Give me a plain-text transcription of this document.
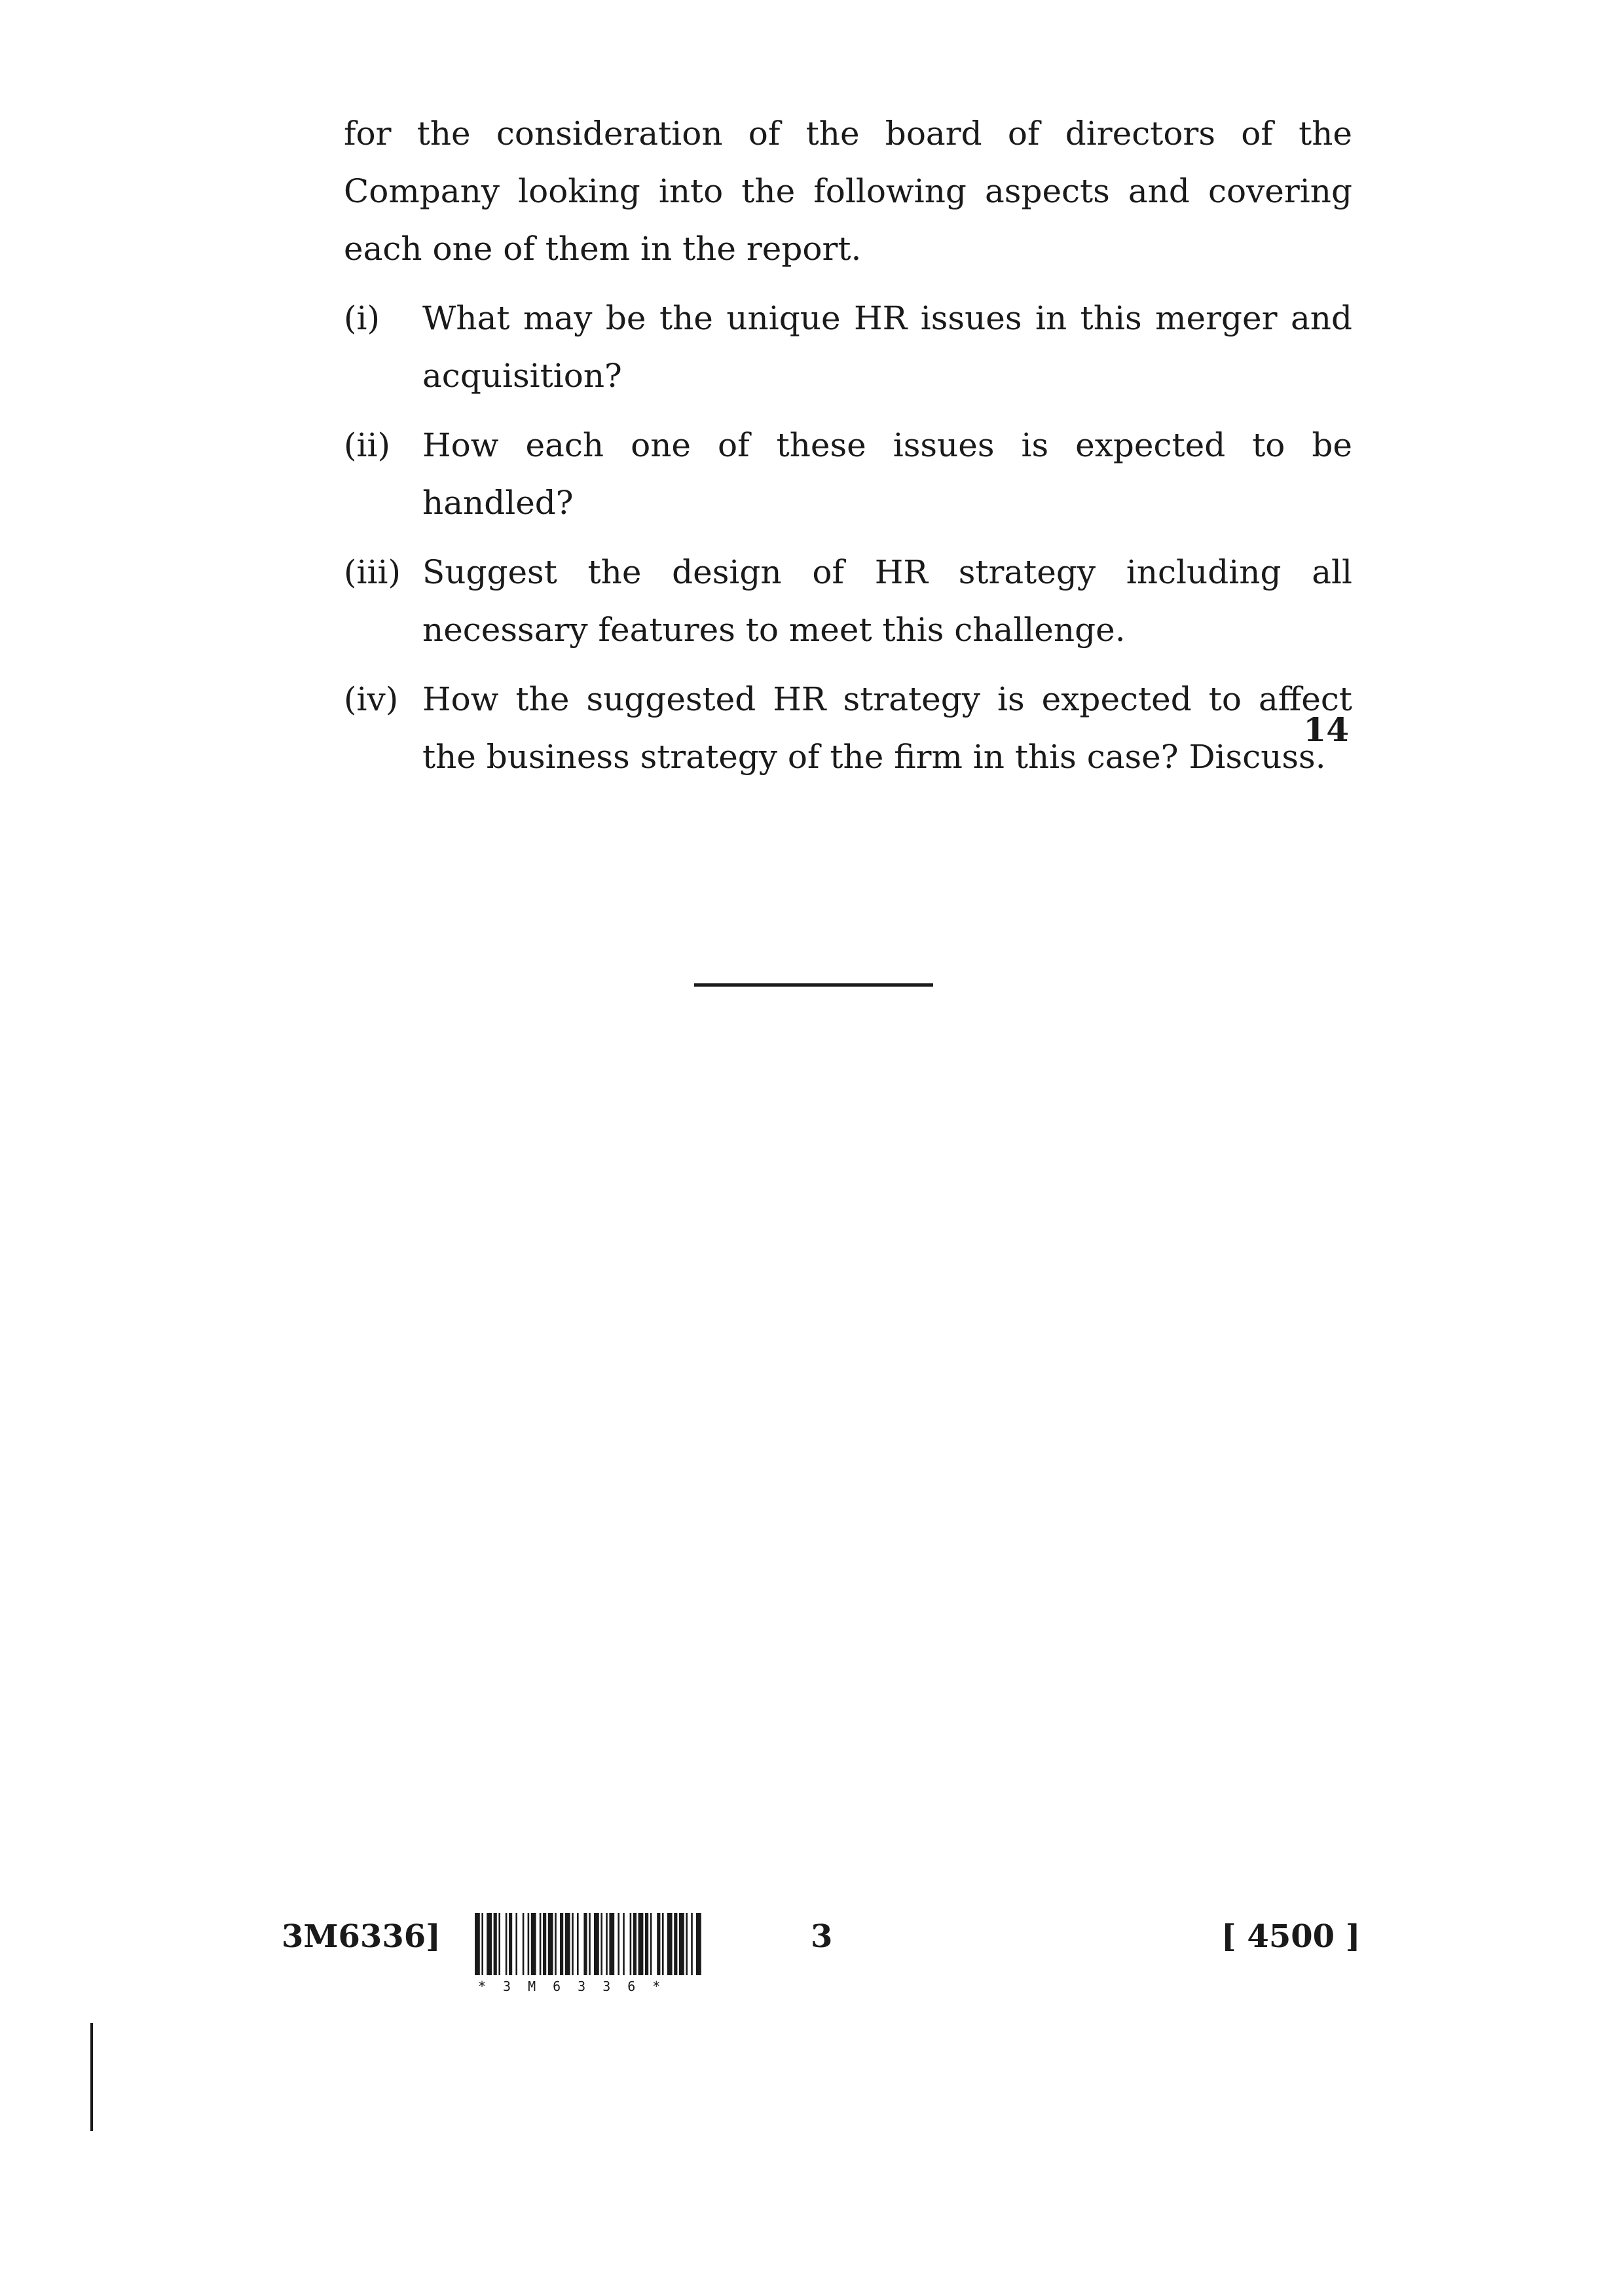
for the consideration of the board of directors of the Company looking into the following aspects and covering each one of them in the report.
(i)	What may be the unique HR issues in this merger and acquisition?
(ii) How each one of these issues is expected to be handled?
(iii) Suggest the design of HR strategy including all necessary features to meet this challenge.
(iv) How the suggested HR strategy is expected to affect the business strategy of the firm in this case? Discuss.
14
3M6336]
*3M6336*
3	[ 4500 ]
